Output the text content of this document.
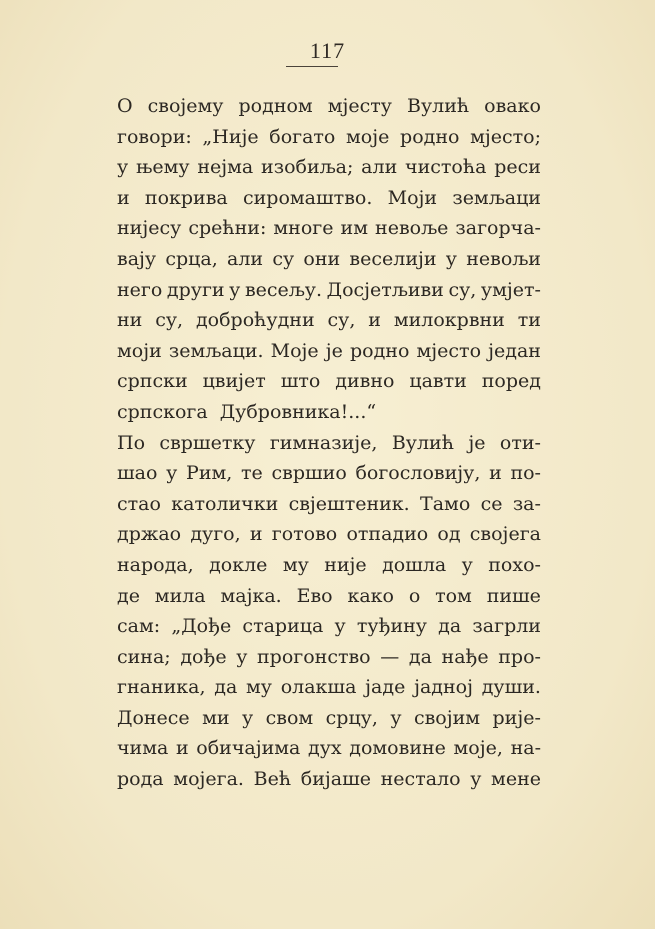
117
О својему родном мјесту Вулић овако
говори: „Није богато моје родно мјесто;
у њему нејма изобиља; али чистоћа реси
и покрива сиромаштво. Моји земљаци
нијесу срећни: многе им невоље загорча-
вају срца, али су они веселији у невољи
него други у весељу. Досјетљиви су, умјет-
ни су, доброћудни су, и милокрвни ти
моји земљаци. Моје је родно мјесто један
српски цвијет што дивно цавти поред
српскога Дубровника!...“
По свршетку гимназије, Вулић је оти-
шао у Рим, те свршио богословију, и по-
стао католички свјештеник. Тамо се за-
држао дуго, и готово отпадио од својега
народа, докле му није дошла у похо-
де мила мајка. Ево како о том пише
сам: „Дође старица у туђину да загрли
сина; дође у прогонство — да нађе про-
гнаника, да му олакша јаде јадној души.
Донесе ми у свом срцу, у својим ријe-
чима и обичајима дух домовине моје, на-
рода мојега. Већ бијаше нестало у мене
